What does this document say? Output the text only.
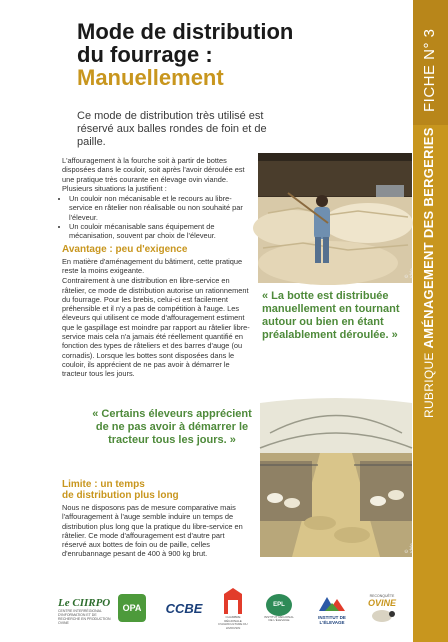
FICHE N° 3
RUBRIQUE AMÉNAGEMENT DES BERGERIES
Mode de distribution
du fourrage :
Manuellement
Ce mode de distribution très utilisé est réservé aux balles rondes de foin et de paille.

L'affouragement à la fourche soit à partir de bottes disposées dans le couloir, soit après l'avoir déroulée est une pratique très courante en élevage ovin viande. Plusieurs situations la justifient :

• Un couloir non mécanisable et le recours au libre-service en râtelier non réalisable ou non souhaité par l'éleveur.
• Un couloir mécanisable sans équipement de mécanisation, souvent par choix de l'éleveur.
Avantage : peu d'exigence

En matière d'aménagement du bâtiment, cette pratique reste la moins exigeante.

Contrairement à une distribution en libre-service en râtelier, ce mode de distribution autorise un rationnement du fourrage. Pour les brebis, celui-ci est facilement préhensible et il n'y a pas de compétition à l'auge. Les éleveurs qui utilisent ce mode d'affouragement estiment que le gaspillage est moindre par rapport au râtelier libre-service mais cela n'a jamais été réellement quantifié en fonction des types de râteliers et des barres d'auge (ou cornadis). Lorsque les bottes sont disposées dans le couloir, ils apprécient de ne pas avoir à démarrer le tracteur tous les jours.

© Idele
« La botte est distribuée manuellement en tournant autour ou bien en étant préalablement déroulée. »
« Certains éleveurs apprécient de ne pas avoir à démarrer le tracteur tous les jours. »
© Idele
Limite : un temps
de distribution plus long

Nous ne disposons pas de mesure comparative mais l'affouragement à l'auge semble induire un temps de distribution plus long que la pratique du libre-service en râtelier. Ce mode d'affouragement est d'autre part réservé aux bottes de foin ou de paille, celles d'enrubannage pesant de 400 à 900 kg brut.

Le CIIRPO
CENTRE INTERRÉGIONAL D'INFORMATION ET DE RECHERCHE EN PRODUCTION OVINE
OPA	CCBE
CHAMBRE RÉGIONALE D'AGRICULTURE DU LIMOUSIN
EPL
INSTITUT RÉGIONAL DE L'ÉLEVAGE	INSTITUT DE
L'ÉLEVAGE
RECONQUÊTE
OVINE
